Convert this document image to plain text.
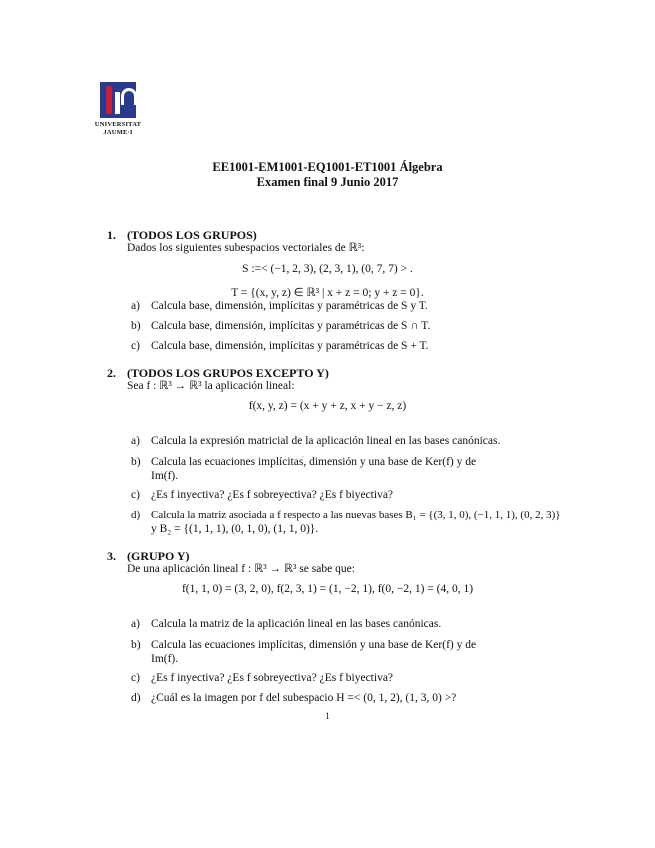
UNIVERSITAT
JAUME·I
EE1001-EM1001-EQ1001-ET1001 Álgebra
Examen final 9 Junio 2017
1. (TODOS LOS GRUPOS)
Dados los siguientes subespacios vectoriales de ℝ³:
S :=< (−1, 2, 3), (2, 3, 1), (0, 7, 7) > .
T = {(x, y, z) ∈ ℝ³ | x + z = 0; y + z = 0}.
a) Calcula base, dimensión, implícitas y paramétricas de S y T.
b) Calcula base, dimensión, implícitas y paramétricas de S ∩ T.
c) Calcula base, dimensión, implícitas y paramétricas de S + T.
2. (TODOS LOS GRUPOS EXCEPTO Y)
Sea f : ℝ³ → ℝ³ la aplicación lineal:
f(x, y, z) = (x + y + z, x + y − z, z)
a) Calcula la expresión matricial de la aplicación lineal en las bases canónicas.
b) Calcula las ecuaciones implícitas, dimensión y una base de Ker(f) y de
Im(f).
c) ¿Es f inyectiva? ¿Es f sobreyectiva? ¿Es f biyectiva?
d) Calcula la matriz asociada a f respecto a las nuevas bases B₁ = {(3, 1, 0), (−1, 1, 1), (0, 2, 3)}
y B₂ = {(1, 1, 1), (0, 1, 0), (1, 1, 0)}.
3. (GRUPO Y)
De una aplicación lineal f : ℝ³ → ℝ³ se sabe que:
f(1, 1, 0) = (3, 2, 0), f(2, 3, 1) = (1, −2, 1), f(0, −2, 1) = (4, 0, 1)
a) Calcula la matriz de la aplicación lineal en las bases canónicas.
b) Calcula las ecuaciones implícitas, dimensión y una base de Ker(f) y de
Im(f).
c) ¿Es f inyectiva? ¿Es f sobreyectiva? ¿Es f biyectiva?
d) ¿Cuál es la imagen por f del subespacio H =< (0, 1, 2), (1, 3, 0) >?
1
